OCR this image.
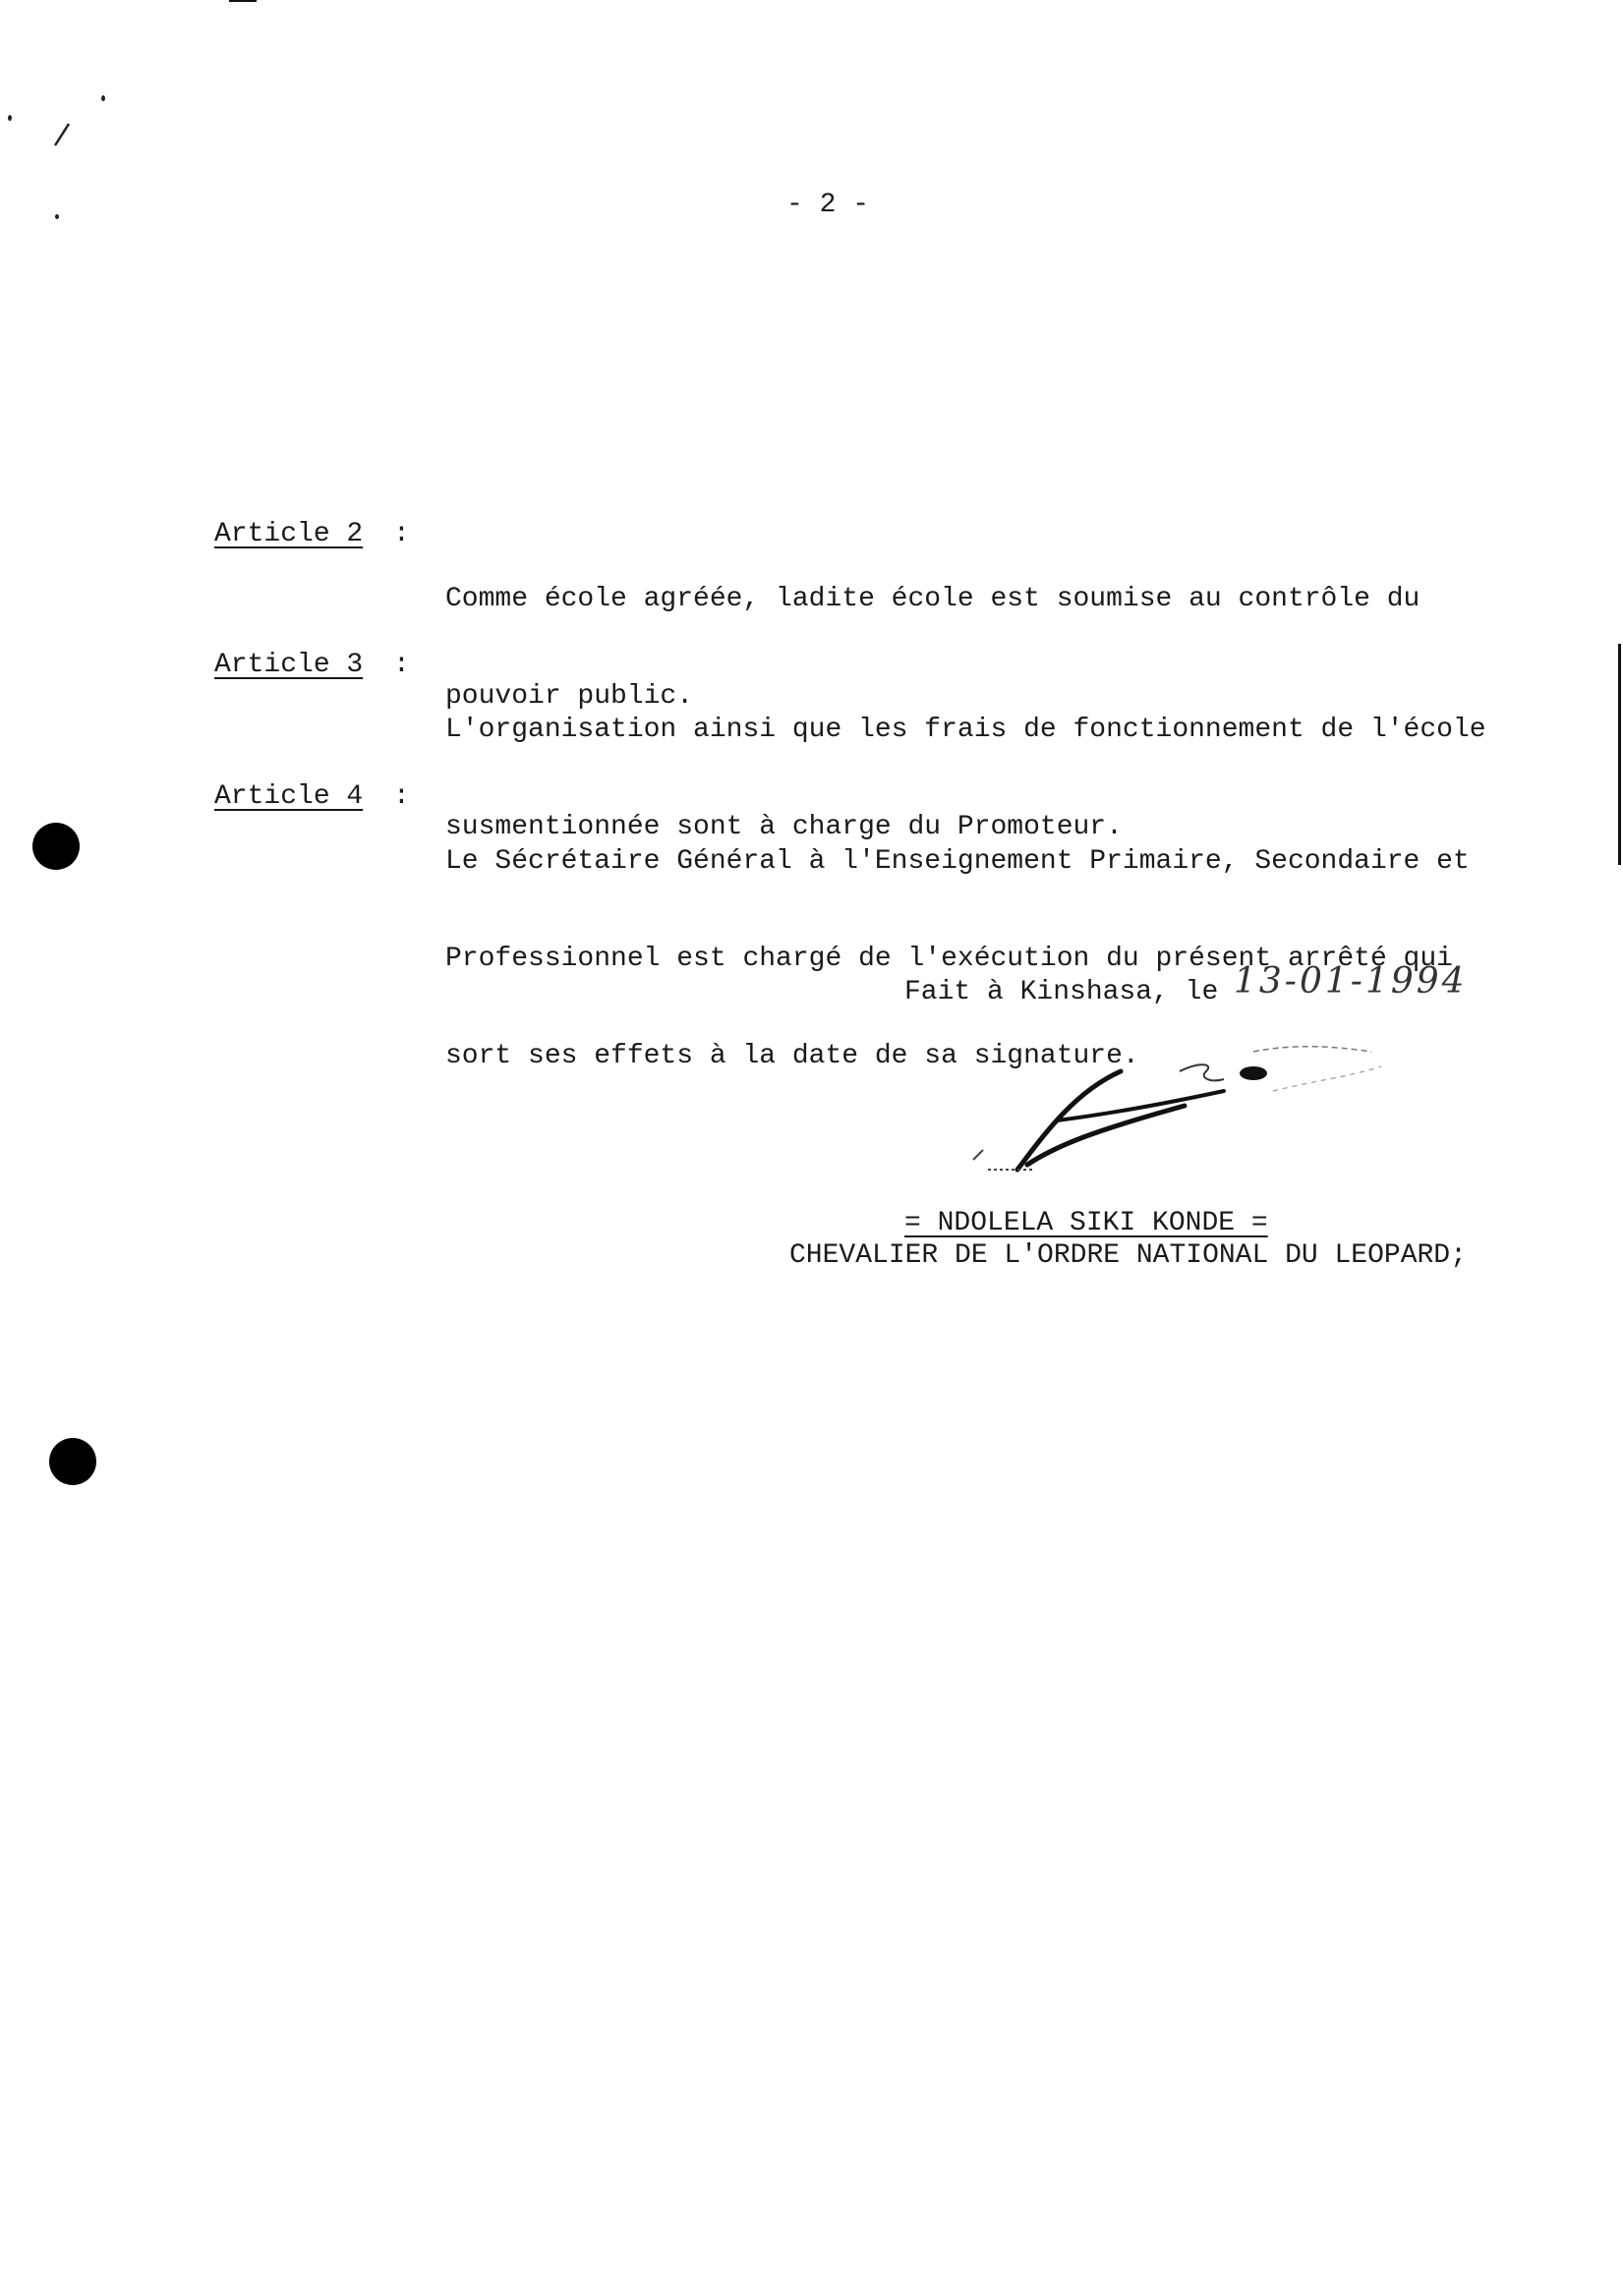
- 2 -

Article 2

:

Comme école agréée, ladite école est soumise au contrôle du

pouvoir public.

Article 3

:

L'organisation ainsi que les frais de fonctionnement de l'école

susmentionnée sont à charge du Promoteur.

Article 4

:

Le Sécrétaire Général à l'Enseignement Primaire, Secondaire et

Professionnel est chargé de l'exécution du présent arrêté qui

sort ses effets à la date de sa signature.

Fait à Kinshasa, le 13-01-1994
= NDOLELA SIKI KONDE =
CHEVALIER DE L'ORDRE NATIONAL DU LEOPARD;
